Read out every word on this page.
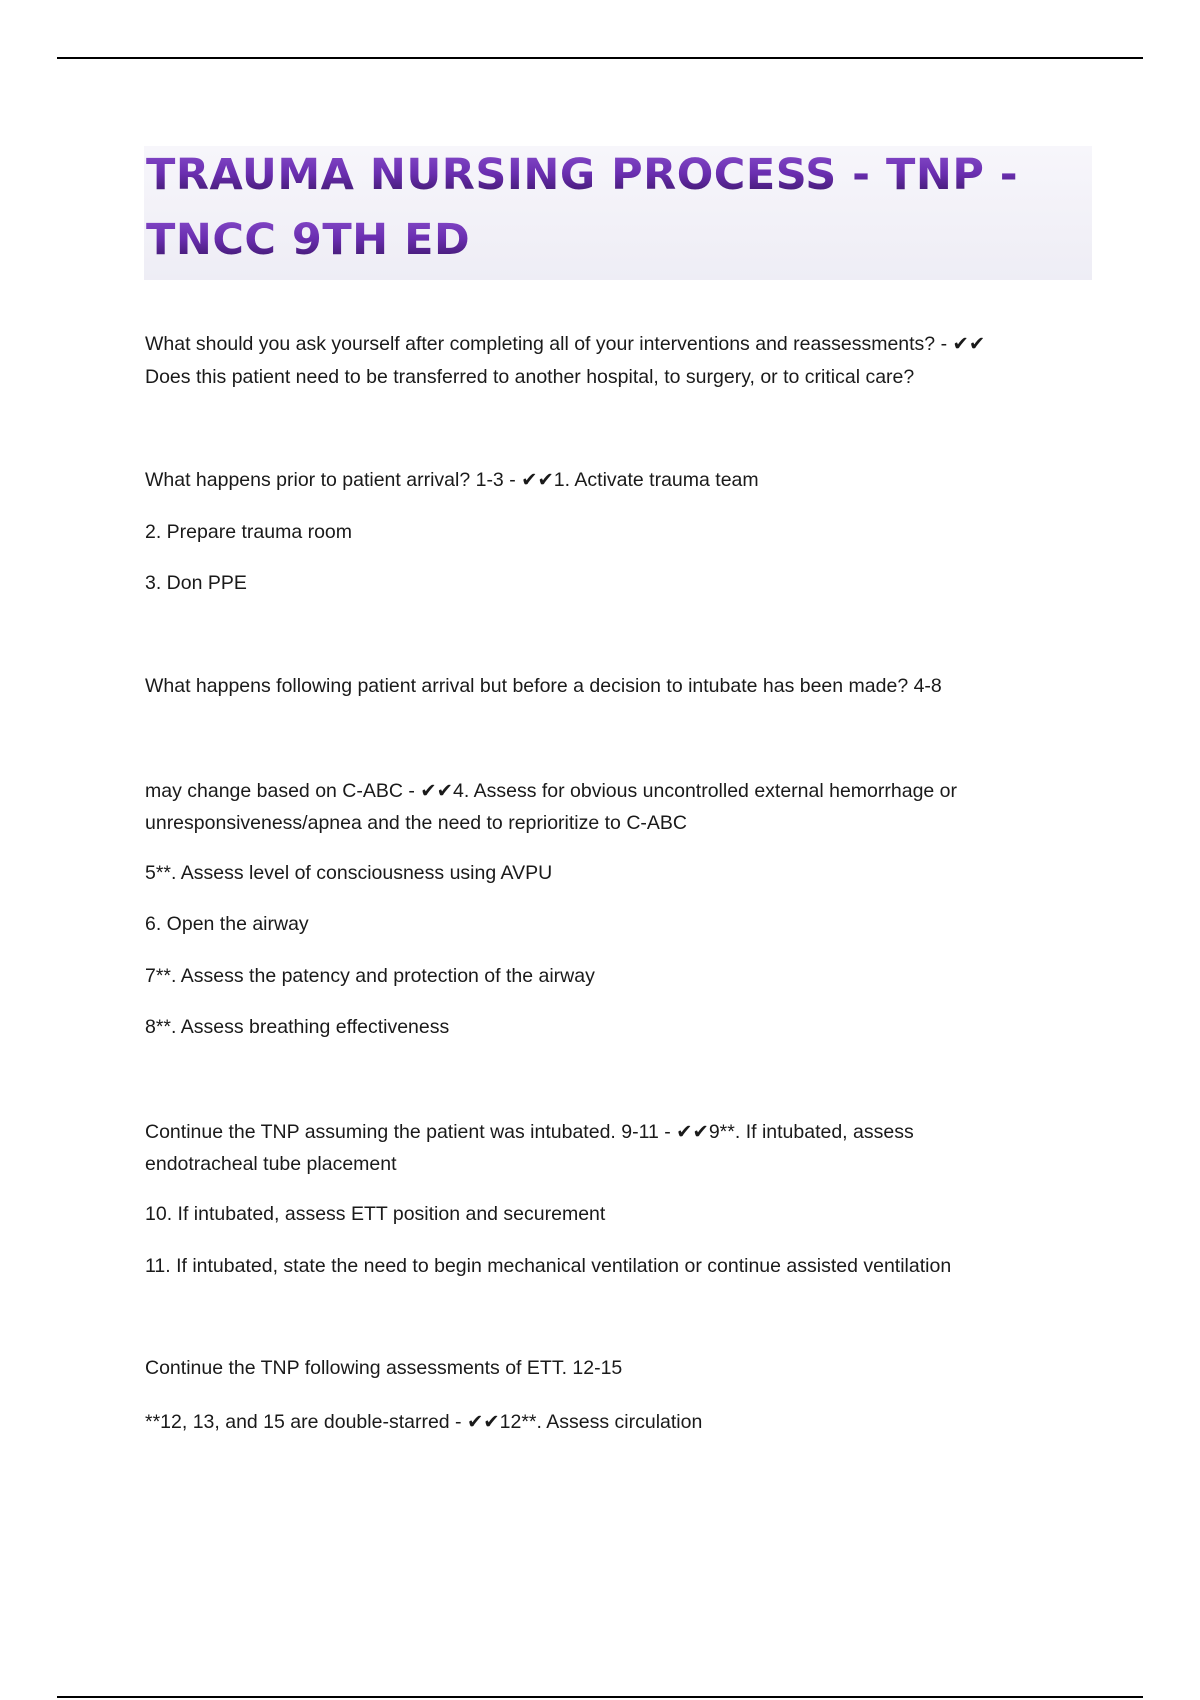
TRAUMA NURSING PROCESS - TNP -
TNCC 9TH ED

What should you ask yourself after completing all of your interventions and reassessments? - ✔✔

Does this patient need to be transferred to another hospital, to surgery, or to critical care?

What happens prior to patient arrival? 1-3 - ✔✔1. Activate trauma team

2. Prepare trauma room

3. Don PPE

What happens following patient arrival but before a decision to intubate has been made? 4-8

may change based on C-ABC - ✔✔4. Assess for obvious uncontrolled external hemorrhage or

unresponsiveness/apnea and the need to reprioritize to C-ABC

5**. Assess level of consciousness using AVPU

6. Open the airway

7**. Assess the patency and protection of the airway

8**. Assess breathing effectiveness

Continue the TNP assuming the patient was intubated. 9-11 - ✔✔9**. If intubated, assess

endotracheal tube placement

10. If intubated, assess ETT position and securement

11. If intubated, state the need to begin mechanical ventilation or continue assisted ventilation

Continue the TNP following assessments of ETT. 12-15

**12, 13, and 15 are double-starred - ✔✔12**. Assess circulation
